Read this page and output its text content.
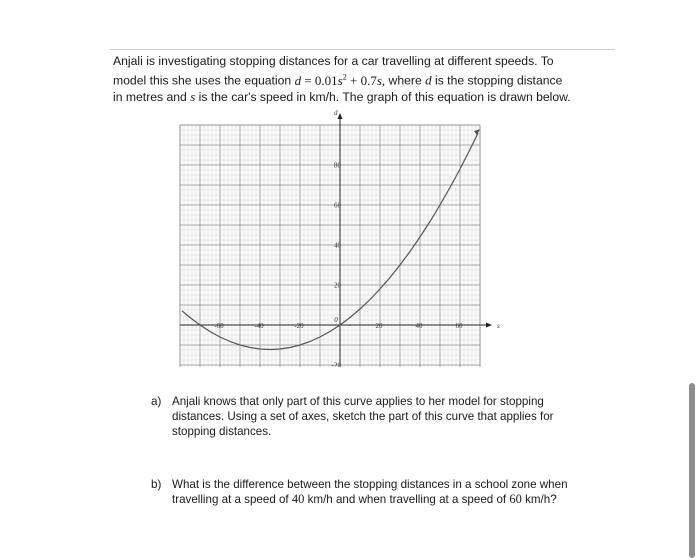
Anjali is investigating stopping distances for a car travelling at different speeds. To
model this she uses the equation $d = 0.01s^2 + 0.7s$, where d is the stopping distance
in metres and s is the car's speed in km/h. The graph of this equation is drawn below.
-60	-40	-20	20	40	60
-20
20
40
60
80
0
s
d
a) Anjali knows that only part of this curve applies to her model for stopping
distances. Using a set of axes, sketch the part of this curve that applies for
stopping distances.
b) What is the difference between the stopping distances in a school zone when
travelling at a speed of 40 km/h and when travelling at a speed of 60 km/h?
